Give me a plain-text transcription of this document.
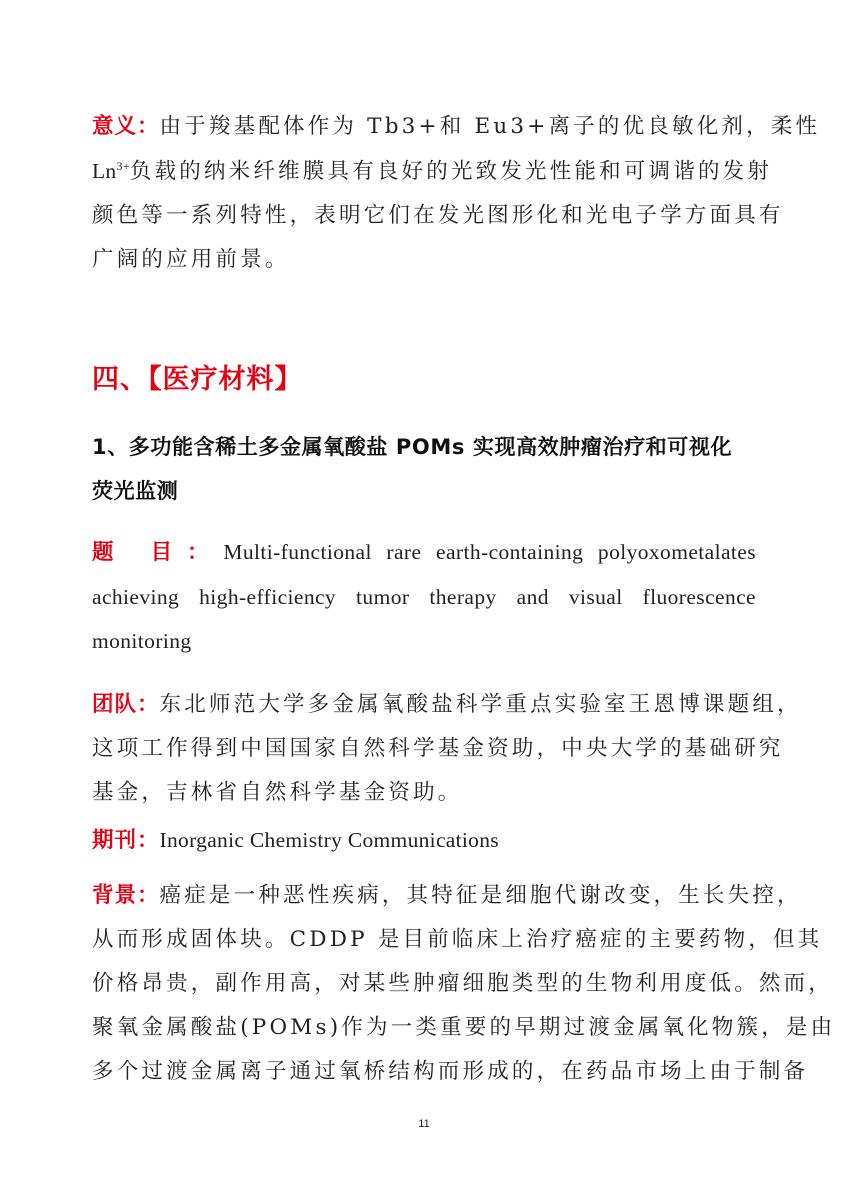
意义：由于羧基配体作为 Tb3+和 Eu3+离子的优良敏化剂，柔性
$Ln^{3+}$负载的纳米纤维膜具有良好的光致发光性能和可调谐的发射
颜色等一系列特性，表明它们在发光图形化和光电子学方面具有
广阔的应用前景。
四、【医疗材料】
1、多功能含稀土多金属氧酸盐 POMs 实现高效肿瘤治疗和可视化
荧光监测
题 目：Multi-functional rare earth-containing polyoxometalates
achieving high-efficiency tumor therapy and visual fluorescence
monitoring
团队：东北师范大学多金属氧酸盐科学重点实验室王恩博课题组，
这项工作得到中国国家自然科学基金资助，中央大学的基础研究
基金，吉林省自然科学基金资助。
期刊：Inorganic Chemistry Communications
背景：癌症是一种恶性疾病，其特征是细胞代谢改变，生长失控，
从而形成固体块。CDDP 是目前临床上治疗癌症的主要药物，但其
价格昂贵，副作用高，对某些肿瘤细胞类型的生物利用度低。然而，
聚氧金属酸盐(POMs)作为一类重要的早期过渡金属氧化物簇，是由
多个过渡金属离子通过氧桥结构而形成的，在药品市场上由于制备
11
